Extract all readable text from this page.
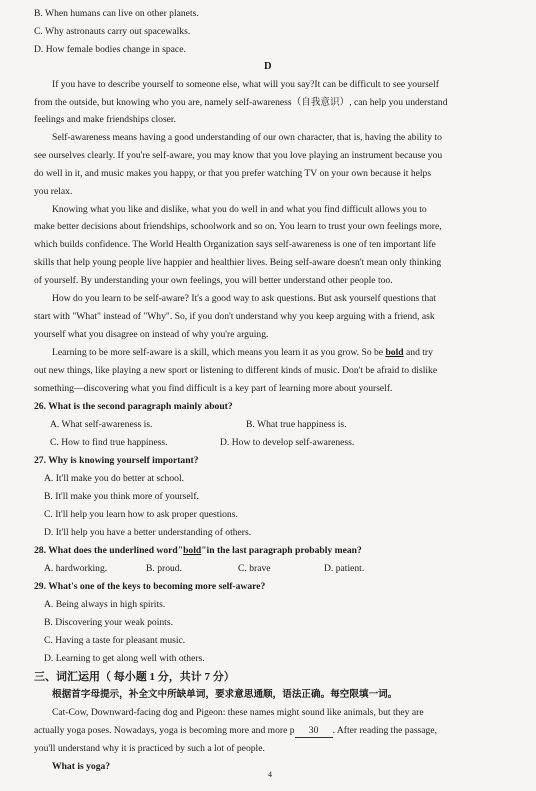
B. When humans can live on other planets.
C. Why astronauts carry out spacewalks.
D. How female bodies change in space.
D
If you have to describe yourself to someone else, what will you say?It can be difficult to see yourself
from the outside, but knowing who you are, namely self-awareness（自我意识）, can help you understand
feelings and make friendships closer.
Self-awareness means having a good understanding of our own character, that is, having the ability to
see ourselves clearly. If you're self-aware, you may know that you love playing an instrument because you
do well in it, and music makes you happy, or that you prefer watching TV on your own because it helps
you relax.
Knowing what you like and dislike, what you do well in and what you find difficult allows you to
make better decisions about friendships, schoolwork and so on. You learn to trust your own feelings more,
which builds confidence. The World Health Organization says self-awareness is one of ten important life
skills that help young people live happier and healthier lives. Being self-aware doesn't mean only thinking
of yourself. By understanding your own feelings, you will better understand other people too.
How do you learn to be self-aware? It's a good way to ask questions. But ask yourself questions that
start with "What" instead of "Why". So, if you don't understand why you keep arguing with a friend, ask
yourself what you disagree on instead of why you're arguing.
Learning to be more self-aware is a skill, which means you learn it as you grow. So be bold and try
out new things, like playing a new sport or listening to different kinds of music. Don't be afraid to dislike
something—discovering what you find difficult is a key part of learning more about yourself.
26. What is the second paragraph mainly about?
A. What self-awareness is.	B. What true happiness is.
C. How to find true happiness.	D. How to develop self-awareness.
27. Why is knowing yourself important?
A. It'll make you do better at school.
B. It'll make you think more of yourself.
C. It'll help you learn how to ask proper questions.
D. It'll help you have a better understanding of others.
28. What does the underlined word"bold"in the last paragraph probably mean?
A. hardworking.	B. proud.	C. brave	D. patient.
29. What's one of the keys to becoming more self-aware?
A. Being always in high spirits.
B. Discovering your weak points.
C. Having a taste for pleasant music.
D. Learning to get along well with others.
三、词汇运用（ 每小题 1 分，共计 7 分）
根据首字母提示，补全文中所缺单词，要求意思通顺，语法正确。每空限填一词。
Cat-Cow, Downward-facing dog and Pigeon: these names might sound like animals, but they are
actually yoga poses. Nowadays, yoga is becoming more and more p 30 . After reading the passage,
you'll understand why it is practiced by such a lot of people.
What is yoga?
4
